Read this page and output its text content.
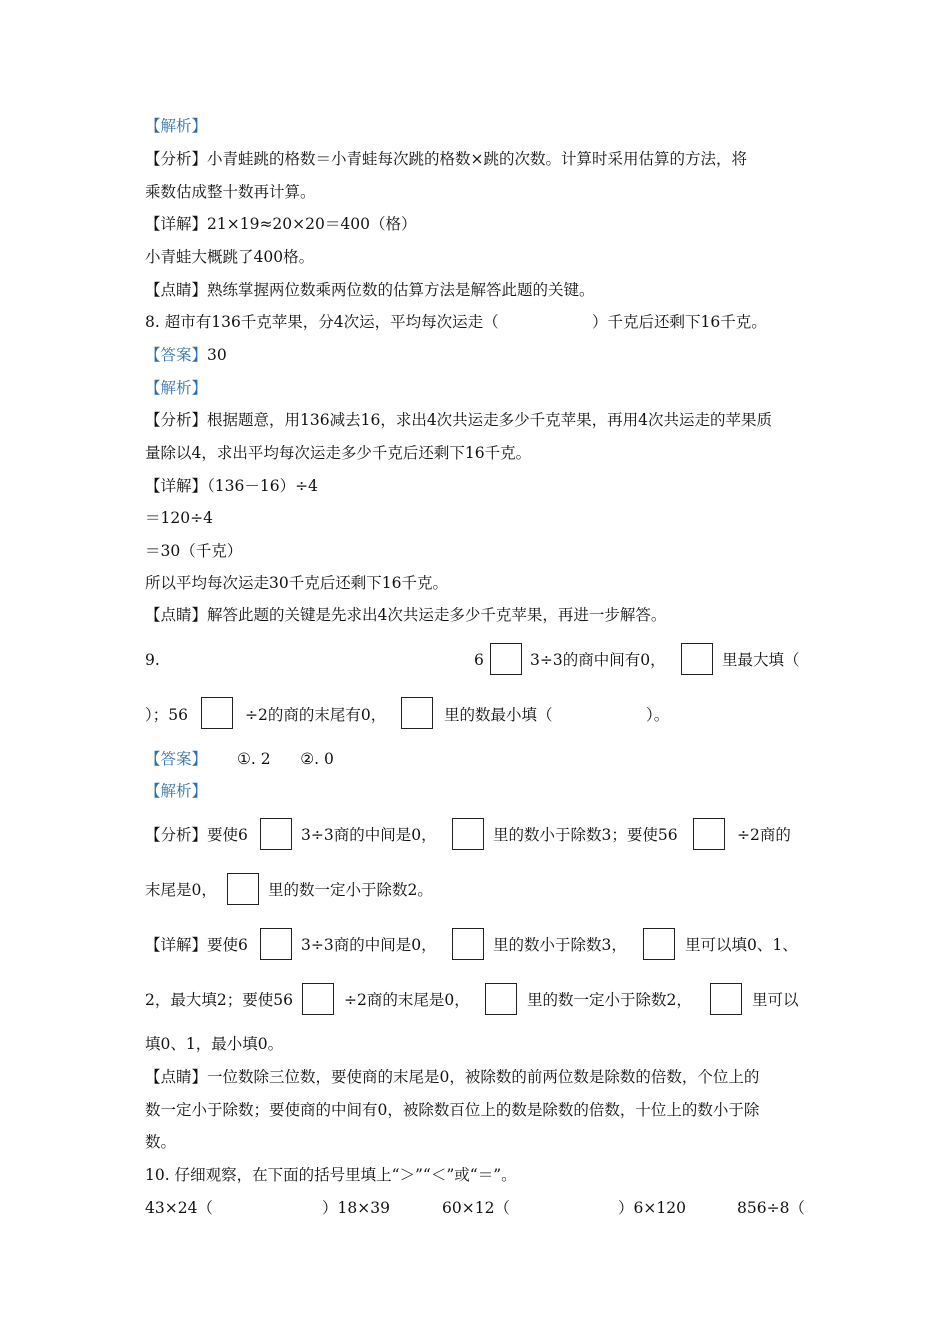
【解析】
【分析】小青蛙跳的格数＝小青蛙每次跳的格数×跳的次数。计算时采用估算的方法，将
乘数估成整十数再计算。
【详解】21×19≈20×20＝400（格）
小青蛙大概跳了400格。
【点睛】熟练掌握两位数乘两位数的估算方法是解答此题的关键。
8. 超市有136千克苹果，分4次运，平均每次运走（	）千克后还剩下16千克。
【答案】30
【解析】
【分析】根据题意，用136减去16，求出4次共运走多少千克苹果，再用4次共运走的苹果质
量除以4，求出平均每次运走多少千克后还剩下16千克。
【详解】（136－16）÷4
＝120÷4
＝30（千克）
所以平均每次运走30千克后还剩下16千克。
【点睛】解答此题的关键是先求出4次共运走多少千克苹果，再进一步解答。
9.	6	3÷3的商中间有0，	里最大填（
）；56	÷2的商的末尾有0，	里的数最小填（	）。
【答案】 ①. 2      ②. 0
【解析】
【分析】要使6	3÷3商的中间是0，	里的数小于除数3；要使56	÷2商的
末尾是0，	里的数一定小于除数2。
【详解】要使6	3÷3商的中间是0，	里的数小于除数3，	里可以填0、1、
2，最大填2；要使56	÷2商的末尾是0，	里的数一定小于除数2，	里可以
填0、1，最小填0。
【点睛】一位数除三位数，要使商的末尾是0，被除数的前两位数是除数的倍数，个位上的
数一定小于除数；要使商的中间有0，被除数百位上的数是除数的倍数，十位上的数小于除
数。
10. 仔细观察，在下面的括号里填上“＞”“＜”或“＝”。
43×24（	）18×39	60×12（	）6×120	856÷8（
